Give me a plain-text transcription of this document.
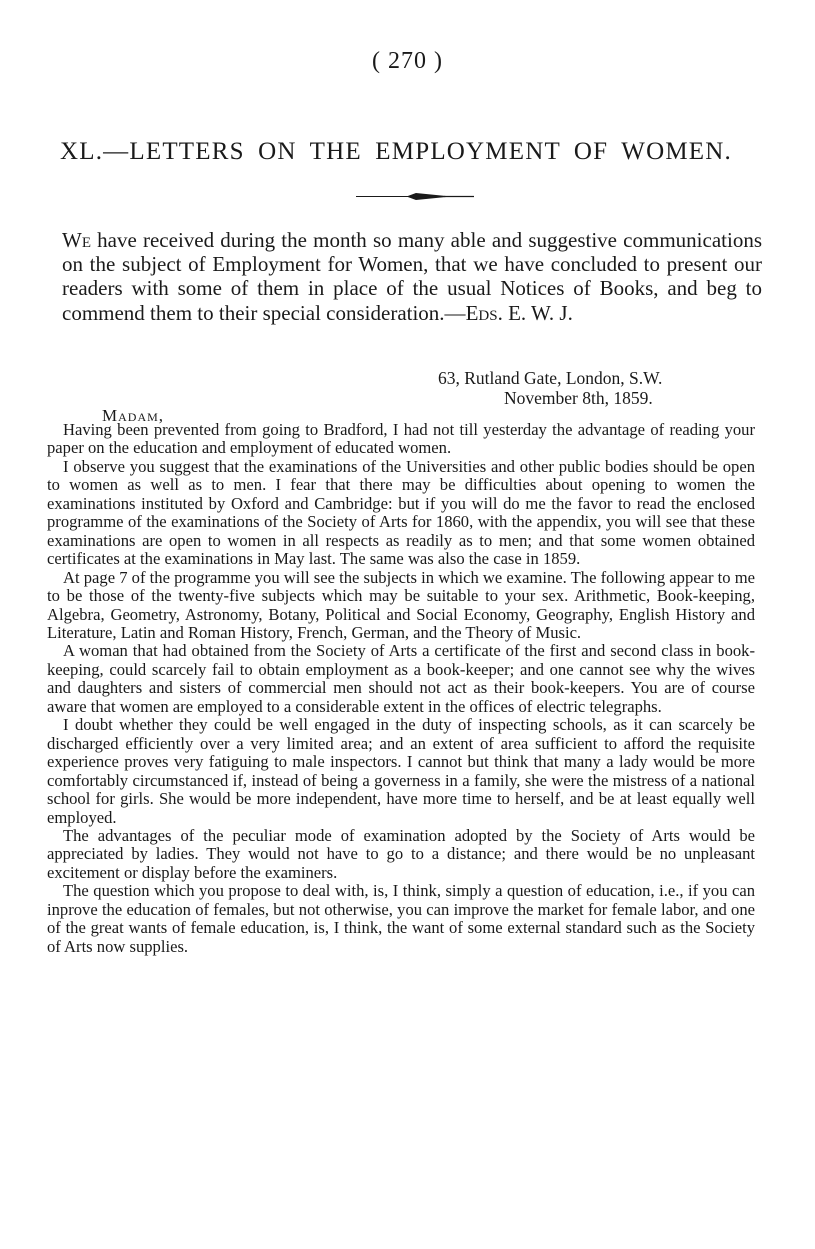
( 270 )
XL.—LETTERS ON THE EMPLOYMENT OF WOMEN.

We have received during the month so many able and suggestive communications on the subject of Employment for Women, that we have concluded to present our readers with some of them in place of the usual Notices of Books, and beg to commend them to their special consideration.—Eds. E. W. J.

63, Rutland Gate, London, S.W.
November 8th, 1859.
Madam,

Having been prevented from going to Bradford, I had not till yesterday the advantage of reading your paper on the education and employment of educated women.

I observe you suggest that the examinations of the Universities and other public bodies should be open to women as well as to men. I fear that there may be difficulties about opening to women the examinations instituted by Oxford and Cambridge: but if you will do me the favor to read the enclosed programme of the examinations of the Society of Arts for 1860, with the appendix, you will see that these examinations are open to women in all respects as readily as to men; and that some women obtained certificates at the examinations in May last. The same was also the case in 1859.

At page 7 of the programme you will see the subjects in which we examine. The following appear to me to be those of the twenty-five subjects which may be suitable to your sex. Arithmetic, Book-keeping, Algebra, Geometry, Astronomy, Botany, Political and Social Economy, Geography, English History and Literature, Latin and Roman History, French, German, and the Theory of Music.

A woman that had obtained from the Society of Arts a certificate of the first and second class in book-keeping, could scarcely fail to obtain employment as a book-keeper; and one cannot see why the wives and daughters and sisters of commercial men should not act as their book-keepers. You are of course aware that women are employed to a considerable extent in the offices of electric telegraphs.

I doubt whether they could be well engaged in the duty of inspecting schools, as it can scarcely be discharged efficiently over a very limited area; and an extent of area sufficient to afford the requisite experience proves very fatiguing to male inspectors. I cannot but think that many a lady would be more comfortably circumstanced if, instead of being a governess in a family, she were the mistress of a national school for girls. She would be more independent, have more time to herself, and be at least equally well employed.

The advantages of the peculiar mode of examination adopted by the Society of Arts would be appreciated by ladies. They would not have to go to a distance; and there would be no unpleasant excitement or display before the examiners.

The question which you propose to deal with, is, I think, simply a question of education, i.e., if you can inprove the education of females, but not otherwise, you can improve the market for female labor, and one of the great wants of female education, is, I think, the want of some external standard such as the Society of Arts now supplies.
